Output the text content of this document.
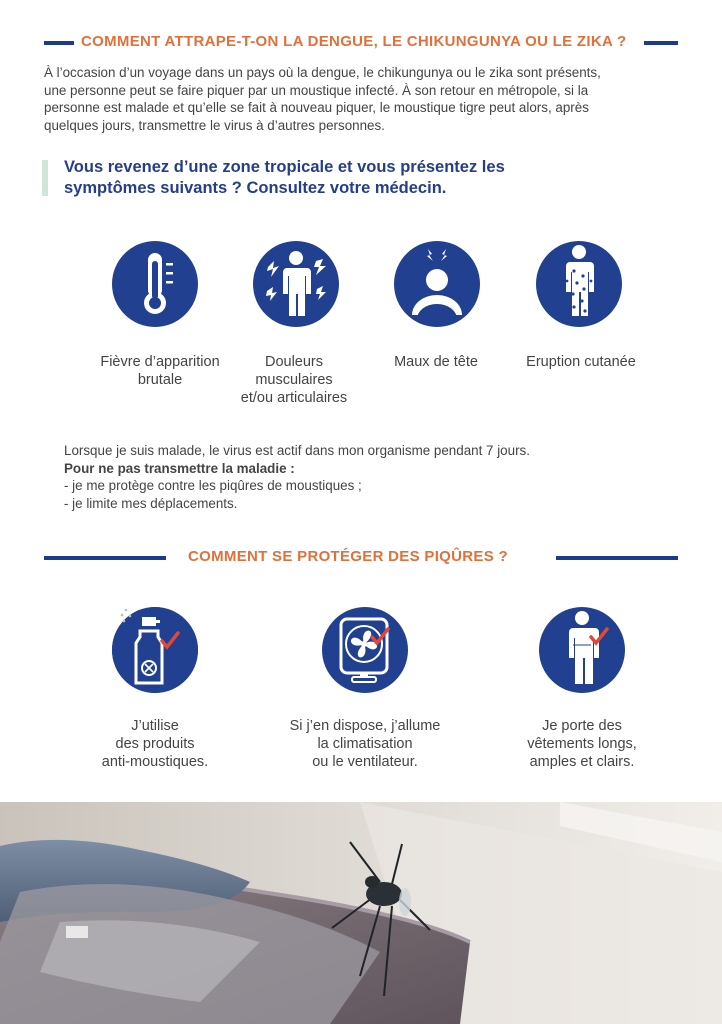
COMMENT ATTRAPE-T-ON LA DENGUE, LE CHIKUNGUNYA OU LE ZIKA ?
À l’occasion d’un voyage dans un pays où la dengue, le chikungunya ou le zika sont présents,
une personne peut se faire piquer par un moustique infecté. À son retour en métropole, si la
personne est malade et qu’elle se fait à nouveau piquer, le moustique tigre peut alors, après
quelques jours, transmettre le virus à d’autres personnes.
Vous revenez d’une zone tropicale et vous présentez les
symptômes suivants ? Consultez votre médecin.
Fièvre d’apparition
brutale
Douleurs
musculaires
et/ou articulaires
Maux de tête	Eruption cutanée
Lorsque je suis malade, le virus est actif dans mon organisme pendant 7 jours.
Pour ne pas transmettre la maladie :
- je me protège contre les piqûres de moustiques ;
- je limite mes déplacements.
COMMENT SE PROTÉGER DES PIQÛRES ?
J’utilise
des produits
anti-moustiques.
Si j’en dispose, j’allume
la climatisation
ou le ventilateur.
Je porte des
vêtements longs,
amples et clairs.
